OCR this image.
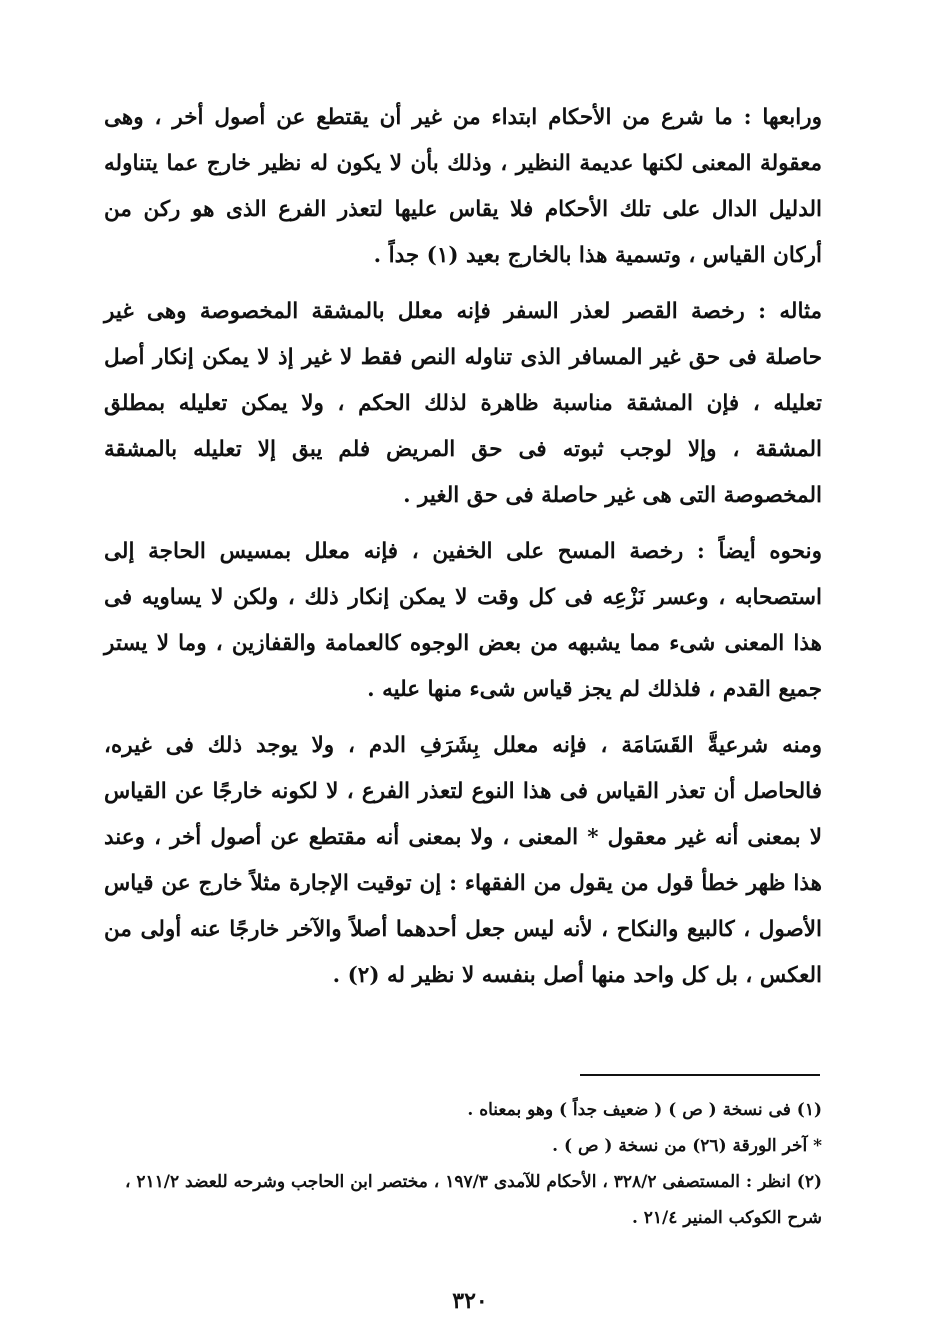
ورابعها : ما شرع من الأحكام ابتداء من غير أن يقتطع عن أصول أخر ، وهى معقولة المعنى لكنها عديمة النظير ، وذلك بأن لا يكون له نظير خارج عما يتناوله الدليل الدال على تلك الأحكام فلا يقاس عليها لتعذر الفرع الذى هو ركن من أركان القياس ، وتسمية هذا بالخارج بعيد (١) جداً .

مثاله : رخصة القصر لعذر السفر فإنه معلل بالمشقة المخصوصة وهى غير حاصلة فى حق غير المسافر الذى تناوله النص فقط لا غير إذ لا يمكن إنكار أصل تعليله ، فإن المشقة مناسبة ظاهرة لذلك الحكم ، ولا يمكن تعليله بمطلق المشقة ، وإلا لوجب ثبوته فى حق المريض فلم يبق إلا تعليله بالمشقة المخصوصة التى هى غير حاصلة فى حق الغير .

ونحوه أيضاً : رخصة المسح على الخفين ، فإنه معلل بمسيس الحاجة إلى استصحابه ، وعسر نَزْعِه فى كل وقت لا يمكن إنكار ذلك ، ولكن لا يساويه فى هذا المعنى شىء مما يشبهه من بعض الوجوه كالعمامة والقفازين ، وما لا يستر جميع القدم ، فلذلك لم يجز قياس شىء منها عليه .

ومنه شرعيةَّ القَسَامَة ، فإنه معلل بِشَرَفِ الدم ، ولا يوجد ذلك فى غيره، فالحاصل أن تعذر القياس فى هذا النوع لتعذر الفرع ، لا لكونه خارجًا عن القياس لا بمعنى أنه غير معقول * المعنى ، ولا بمعنى أنه مقتطع عن أصول أخر ، وعند هذا ظهر خطأ قول من يقول من الفقهاء : إن توقيت الإجارة مثلاً خارج عن قياس الأصول ، كالبيع والنكاح ، لأنه ليس جعل أحدهما أصلاً والآخر خارجًا عنه أولى من العكس ، بل كل واحد منها أصل بنفسه لا نظير له (٢) .

(١) فى نسخة ( ص ) ( ضعيف جداً ) وهو بمعناه .

* آخر الورقة (٢٦) من نسخة ( ص ) .

(٢) انظر : المستصفى ٣٢٨/٢ ، الأحكام للآمدى ١٩٧/٣ ، مختصر ابن الحاجب وشرحه للعضد ٢١١/٢ ، شرح الكوكب المنير ٢١/٤ .

٣٢٠
